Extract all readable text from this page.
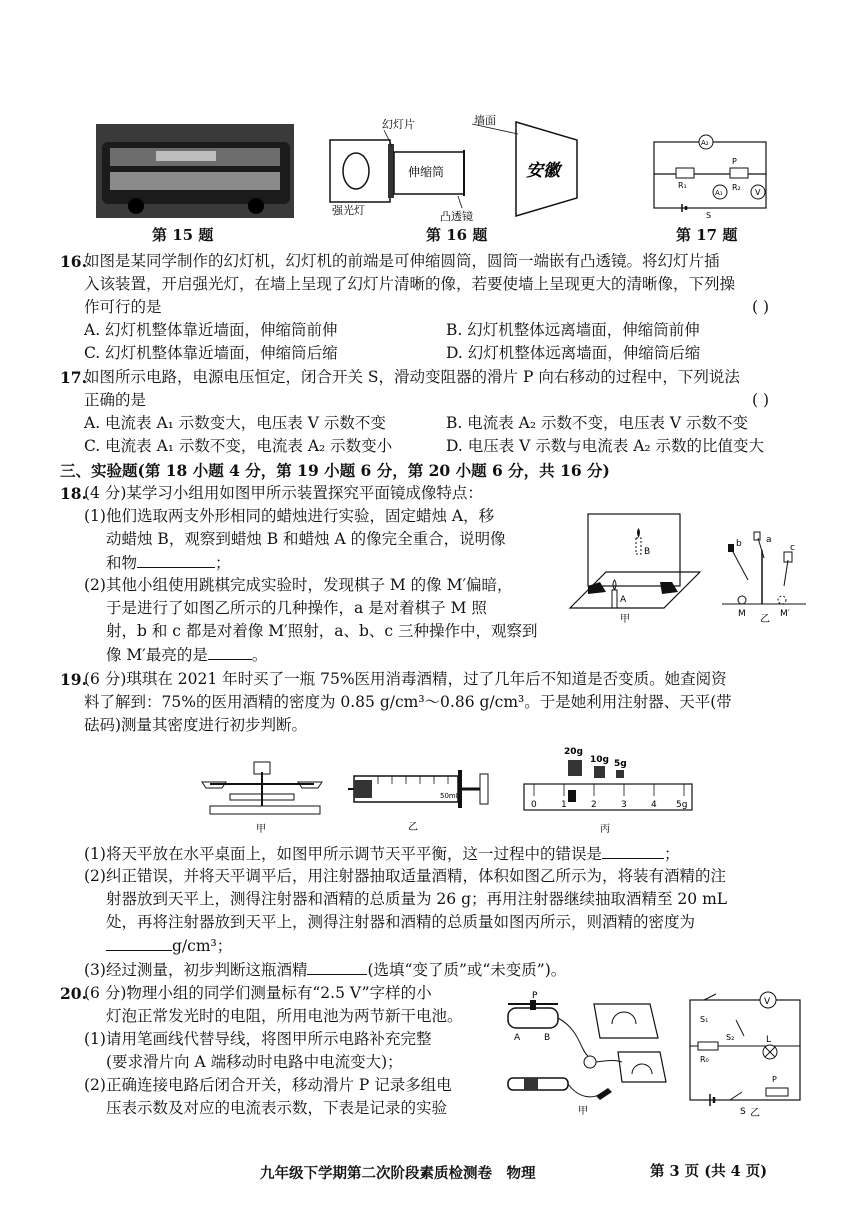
第 15 题
幻灯片
伸缩筒
强光灯	凸透镜
墙面
安徽
第 16 题
A₂
R₁
A₁
P
R₂
V
S
第 17 题
16.
如图是某同学制作的幻灯机，幻灯机的前端是可伸缩圆筒，圆筒一端嵌有凸透镜。将幻灯片插
入该装置，开启强光灯，在墙上呈现了幻灯片清晰的像，若要使墙上呈现更大的清晰像，下列操
作可行的是	( )
A. 幻灯机整体靠近墙面，伸缩筒前伸	B. 幻灯机整体远离墙面，伸缩筒前伸
C. 幻灯机整体靠近墙面，伸缩筒后缩	D. 幻灯机整体远离墙面，伸缩筒后缩
17.
如图所示电路，电源电压恒定，闭合开关 S，滑动变阻器的滑片 P 向右移动的过程中，下列说法
正确的是	( )
A. 电流表 A₁ 示数变大，电压表 V 示数不变	B. 电流表 A₂ 示数不变，电压表 V 示数不变
C. 电流表 A₁ 示数不变，电流表 A₂ 示数变小	D. 电压表 V 示数与电流表 A₂ 示数的比值变大
三、实验题(第 18 小题 4 分，第 19 小题 6 分，第 20 小题 6 分，共 16 分)
18.
(4 分)某学习小组用如图甲所示装置探究平面镜成像特点：
(1)他们选取两支外形相同的蜡烛进行实验，固定蜡烛 A，移
动蜡烛 B，观察到蜡烛 B 和蜡烛 A 的像完全重合，说明像
和物	；
(2)其他小组使用跳棋完成实验时，发现棋子 M 的像 M′偏暗，
于是进行了如图乙所示的几种操作，a 是对着棋子 M 照
射，b 和 c 都是对着像 M′照射，a、b、c 三种操作中，观察到
像 M′最亮的是	。
A
B
甲
b	a
c
M	M′
乙
19.
(6 分)琪琪在 2021 年时买了一瓶 75%医用消毒酒精，过了几年后不知道是否变质。她查阅资
料了解到：75%的医用酒精的密度为 0.85 g/cm³～0.86 g/cm³。于是她利用注射器、天平(带
砝码)测量其密度进行初步判断。
甲
50mL
乙
20g
10g 5g
0	1	2	3	4 5g
丙
(1)将天平放在水平桌面上，如图甲所示调节天平平衡，这一过程中的错误是	；
(2)纠正错误，并将天平调平后，用注射器抽取适量酒精，体积如图乙所示为，将装有酒精的注
射器放到天平上，测得注射器和酒精的总质量为 26 g；再用注射器继续抽取酒精至 20 mL
处，再将注射器放到天平上，测得注射器和酒精的总质量如图丙所示，则酒精的密度为
g/cm³；
(3)经过测量，初步判断这瓶酒精	(选填“变了质”或“未变质”)。
20.
(6 分)物理小组的同学们测量标有“2.5 V”字样的小
灯泡正常发光时的电阻，所用电池为两节新干电池。
(1)请用笔画线代替导线，将图甲所示电路补充完整
(要求滑片向 A 端移动时电路中电流变大)；
(2)正确连接电路后闭合开关，移动滑片 P 记录多组电
压表示数及对应的电流表示数，下表是记录的实验
P
A	B
甲
V
S₁
S₂	L
R₀
P
S 乙
九年级下学期第二次阶段素质检测卷　物理	第 3 页 (共 4 页)
